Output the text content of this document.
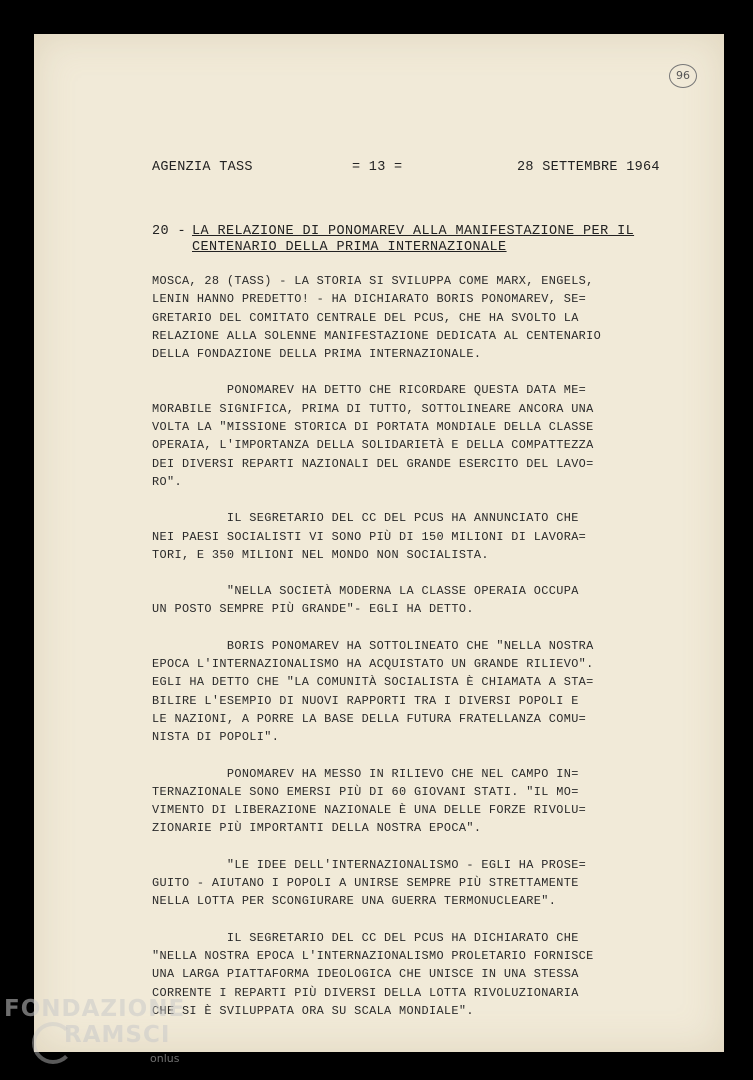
96
AGENZIA TASS	= 13 =	28 SETTEMBRE 1964
20 - LA RELAZIONE DI PONOMAREV ALLA MANIFESTAZIONE PER IL
CENTENARIO DELLA PRIMA INTERNAZIONALE
MOSCA, 28 (TASS) - LA STORIA SI SVILUPPA COME MARX, ENGELS,
LENIN HANNO PREDETTO! - HA DICHIARATO BORIS PONOMAREV, SE=
GRETARIO DEL COMITATO CENTRALE DEL PCUS, CHE HA SVOLTO LA
RELAZIONE ALLA SOLENNE MANIFESTAZIONE DEDICATA AL CENTENARIO
DELLA FONDAZIONE DELLA PRIMA INTERNAZIONALE.
PONOMAREV HA DETTO CHE RICORDARE QUESTA DATA ME=
MORABILE SIGNIFICA, PRIMA DI TUTTO, SOTTOLINEARE ANCORA UNA
VOLTA LA "MISSIONE STORICA DI PORTATA MONDIALE DELLA CLASSE
OPERAIA, L'IMPORTANZA DELLA SOLIDARIETÀ E DELLA COMPATTEZZA
DEI DIVERSI REPARTI NAZIONALI DEL GRANDE ESERCITO DEL LAVO=
RO".
IL SEGRETARIO DEL CC DEL PCUS HA ANNUNCIATO CHE
NEI PAESI SOCIALISTI VI SONO PIÙ DI 150 MILIONI DI LAVORA=
TORI, E 350 MILIONI NEL MONDO NON SOCIALISTA.
"NELLA SOCIETÀ MODERNA LA CLASSE OPERAIA OCCUPA
UN POSTO SEMPRE PIÙ GRANDE"- EGLI HA DETTO.
BORIS PONOMAREV HA SOTTOLINEATO CHE "NELLA NOSTRA
EPOCA L'INTERNAZIONALISMO HA ACQUISTATO UN GRANDE RILIEVO".
EGLI HA DETTO CHE "LA COMUNITÀ SOCIALISTA È CHIAMATA A STA=
BILIRE L'ESEMPIO DI NUOVI RAPPORTI TRA I DIVERSI POPOLI E
LE NAZIONI, A PORRE LA BASE DELLA FUTURA FRATELLANZA COMU=
NISTA DI POPOLI".
PONOMAREV HA MESSO IN RILIEVO CHE NEL CAMPO IN=
TERNAZIONALE SONO EMERSI PIÙ DI 60 GIOVANI STATI. "IL MO=
VIMENTO DI LIBERAZIONE NAZIONALE È UNA DELLE FORZE RIVOLU=
ZIONARIE PIÙ IMPORTANTI DELLA NOSTRA EPOCA".
"LE IDEE DELL'INTERNAZIONALISMO - EGLI HA PROSE=
GUITO - AIUTANO I POPOLI A UNIRSE SEMPRE PIÙ STRETTAMENTE
NELLA LOTTA PER SCONGIURARE UNA GUERRA TERMONUCLEARE".
IL SEGRETARIO DEL CC DEL PCUS HA DICHIARATO CHE
"NELLA NOSTRA EPOCA L'INTERNAZIONALISMO PROLETARIO FORNISCE
UNA LARGA PIATTAFORMA IDEOLOGICA CHE UNISCE IN UNA STESSA
CORRENTE I REPARTI PIÙ DIVERSI DELLA LOTTA RIVOLUZIONARIA
CHE SI È SVILUPPATA ORA SU SCALA MONDIALE".
FONDAZIONE
RAMSCI
onlus
